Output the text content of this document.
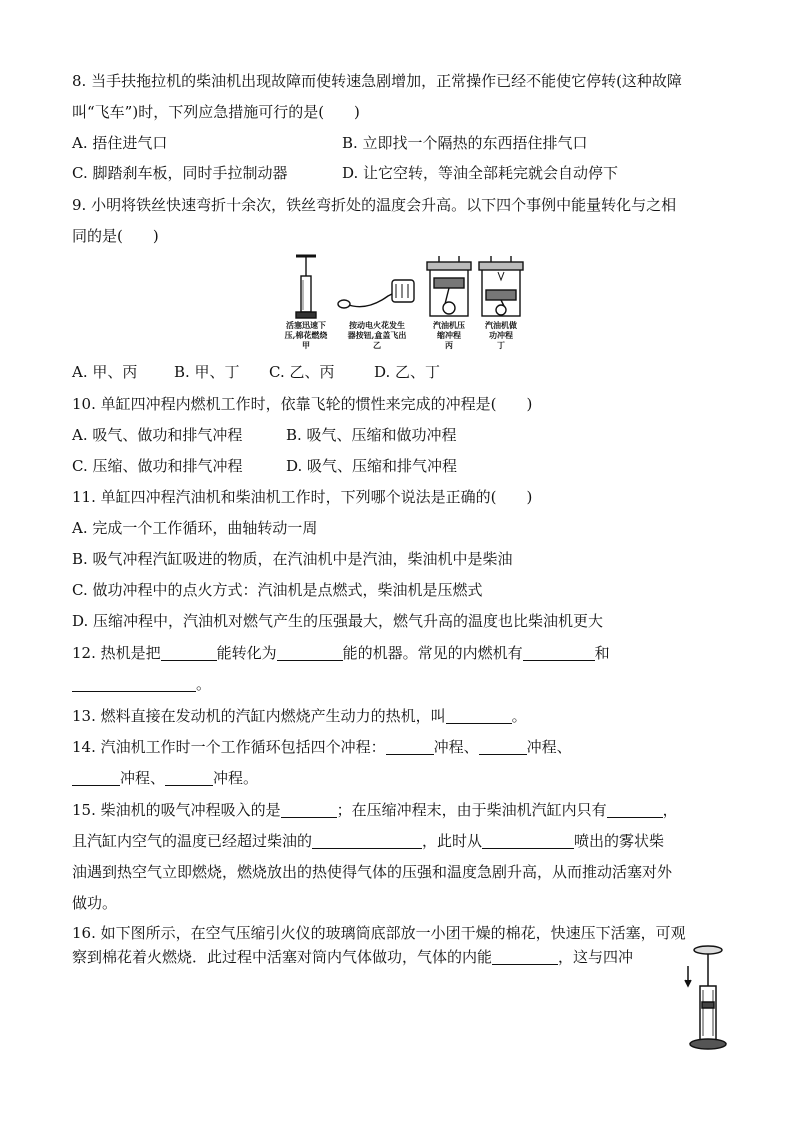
8. 当手扶拖拉机的柴油机出现故障而使转速急剧增加，正常操作已经不能使它停转(这种故障
叫“飞车”)时，下列应急措施可行的是(　　)
A. 捂住进气口	B. 立即找一个隔热的东西捂住排气口
C. 脚踏刹车板，同时手拉制动器	D. 让它空转，等油全部耗完就会自动停下
9. 小明将铁丝快速弯折十余次，铁丝弯折处的温度会升高。以下四个事例中能量转化与之相
同的是(　　)
活塞迅速下
压,棉花燃烧
甲
按动电火花发生
器按钮,盒盖飞出
乙
汽油机压
缩冲程
丙
汽油机做
功冲程
丁
A. 甲、丙 B. 甲、丁 C. 乙、丙	D. 乙、丁
10. 单缸四冲程内燃机工作时，依靠飞轮的惯性来完成的冲程是(　　)
A. 吸气、做功和排气冲程	B. 吸气、压缩和做功冲程
C. 压缩、做功和排气冲程	D. 吸气、压缩和排气冲程
11. 单缸四冲程汽油机和柴油机工作时，下列哪个说法是正确的(　　)
A. 完成一个工作循环，曲轴转动一周
B. 吸气冲程汽缸吸进的物质，在汽油机中是汽油，柴油机中是柴油
C. 做功冲程中的点火方式：汽油机是点燃式，柴油机是压燃式
D. 压缩冲程中，汽油机对燃气产生的压强最大，燃气升高的温度也比柴油机更大
12. 热机是把	能转化为	能的机器。常见的内燃机有	和
。
13. 燃料直接在发动机的汽缸内燃烧产生动力的热机，叫	。
14. 汽油机工作时一个工作循环包括四个冲程：	冲程、	冲程、
冲程、	冲程。
15. 柴油机的吸气冲程吸入的是	；在压缩冲程末，由于柴油机汽缸内只有	，
且汽缸内空气的温度已经超过柴油的	，此时从	喷出的雾状柴
油遇到热空气立即燃烧，燃烧放出的热使得气体的压强和温度急剧升高，从而推动活塞对外
做功。
16. 如下图所示，在空气压缩引火仪的玻璃筒底部放一小团干燥的棉花，快速压下活塞，可观
察到棉花着火燃烧．此过程中活塞对筒内气体做功，气体的内能	，这与四冲
